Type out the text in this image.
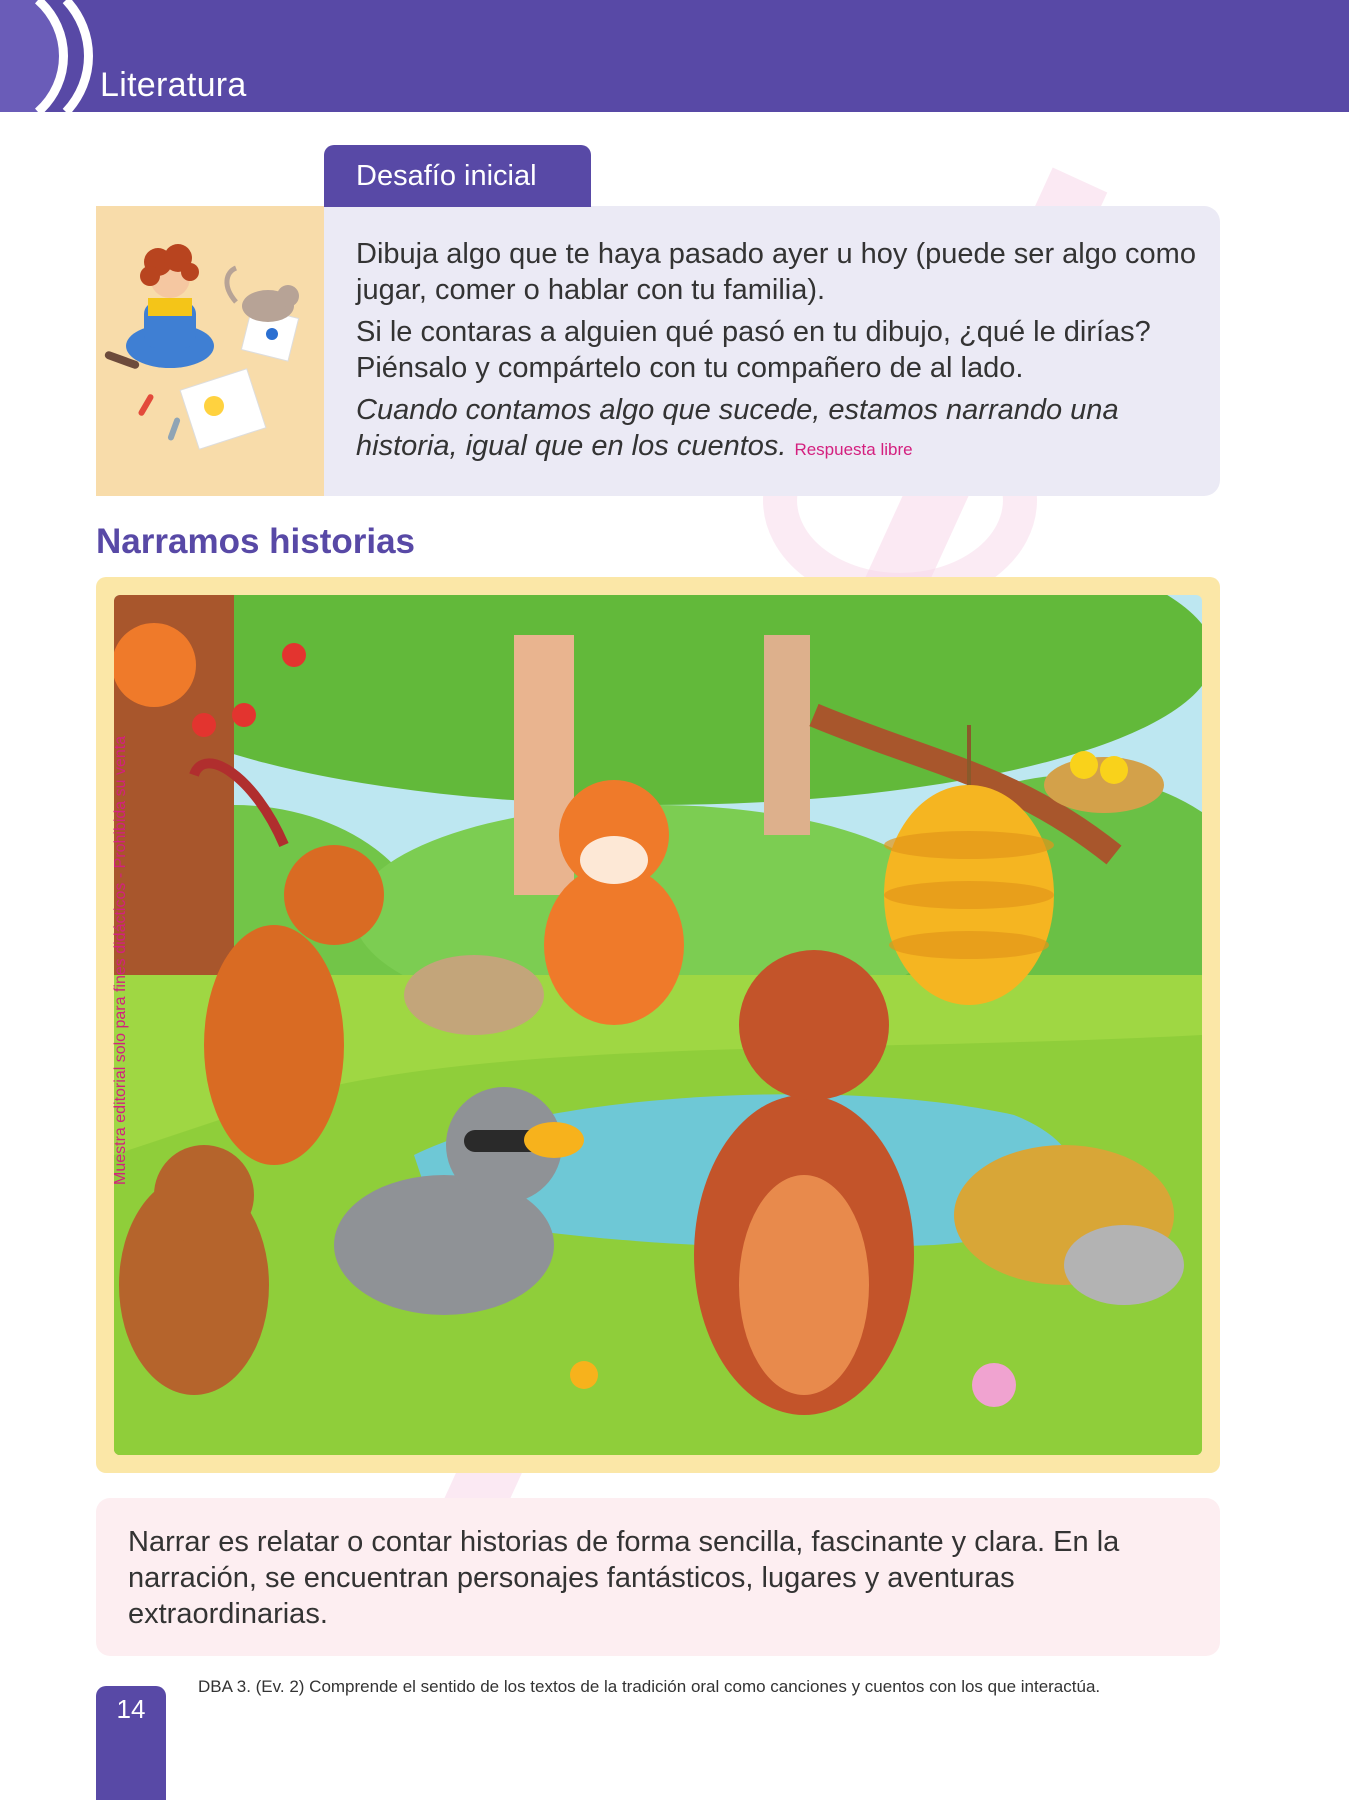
Literatura
Desafío inicial

Dibuja algo que te haya pasado ayer u hoy (puede ser algo como jugar, comer o hablar con tu familia).

Si le contaras a alguien qué pasó en tu dibujo, ¿qué le dirías? Piénsalo y compártelo con tu compañero de al lado.

Cuando contamos algo que sucede, estamos narrando una historia, igual que en los cuentos. Respuesta libre

Narramos historias
Muestra editorial solo para fines didácticos - Prohibida su venta
Narrar es relatar o contar historias de forma sencilla, fascinante y clara. En la narración, se encuentran personajes fantásticos, lugares y aventuras extraordinarias.
14
DBA 3. (Ev. 2) Comprende el sentido de los textos de la tradición oral como canciones y cuentos con los que interactúa.
